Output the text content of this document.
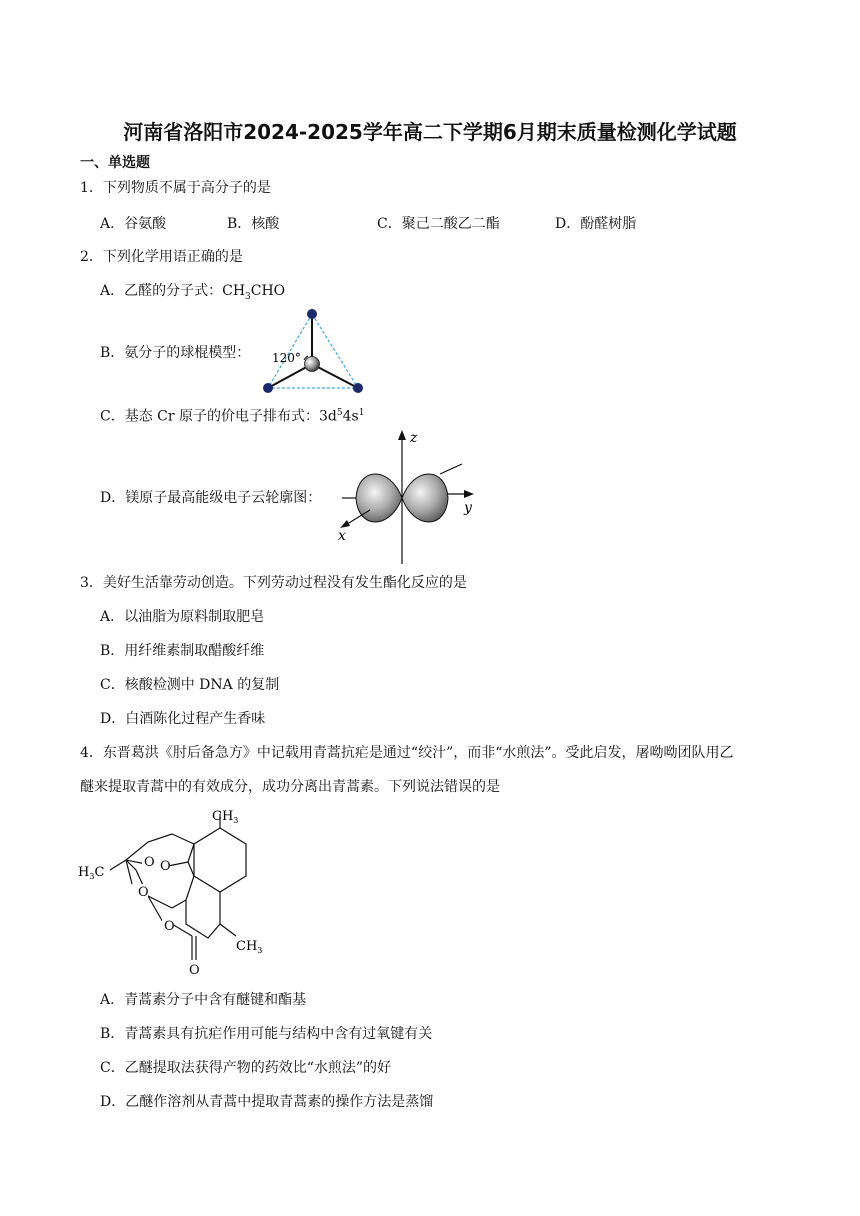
河南省洛阳市2024-2025学年高二下学期6月期末质量检测化学试题
一、单选题
1．下列物质不属于高分子的是
A．谷氨酸	B．核酸	C．聚己二酸乙二酯	D．酚醛树脂
2．下列化学用语正确的是
A．乙醛的分子式：$CH_3CHO$
B．氨分子的球棍模型： 120°
C．基态 Cr 原子的价电子排布式：$3d^54s^1$
D．镁原子最高能级电子云轮廓图：
z
y
x
3．美好生活靠劳动创造。下列劳动过程没有发生酯化反应的是
A．以油脂为原料制取肥皂
B．用纤维素制取醋酸纤维
C．核酸检测中 DNA 的复制
D．白酒陈化过程产生香味
4．东晋葛洪《肘后备急方》中记载用青蒿抗疟是通过“绞汁”，而非“水煎法”。受此启发，屠呦呦团队用乙
醚来提取青蒿中的有效成分，成功分离出青蒿素。下列说法错误的是
$CH_3$
$H_3C$
$CH_3$
O O
O
O
O
A．青蒿素分子中含有醚键和酯基
B．青蒿素具有抗疟作用可能与结构中含有过氧键有关
C．乙醚提取法获得产物的药效比“水煎法”的好
D．乙醚作溶剂从青蒿中提取青蒿素的操作方法是蒸馏
